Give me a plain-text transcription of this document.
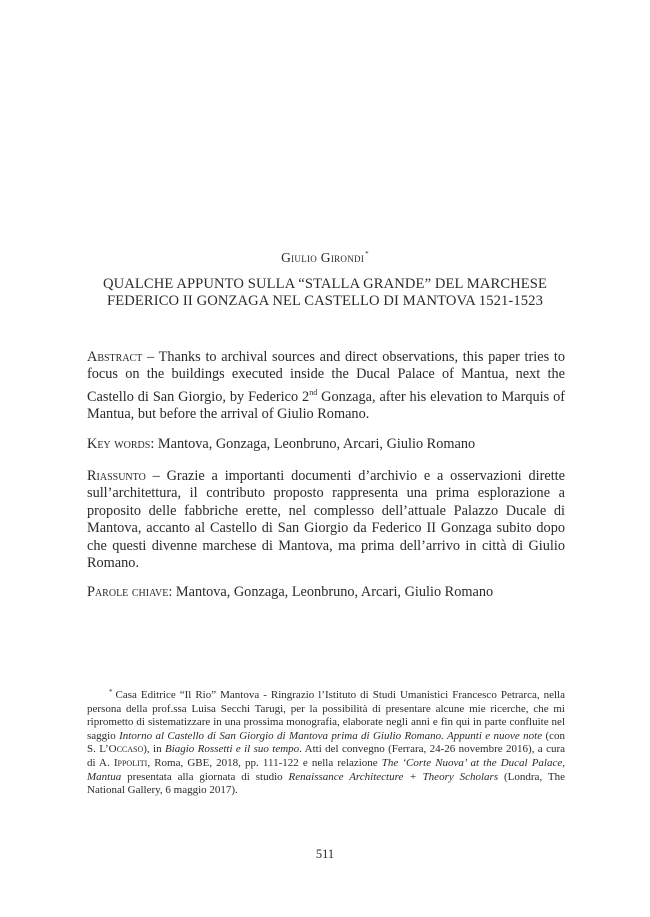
Giulio Girondi*
QUALCHE APPUNTO SULLA “STALLA GRANDE” DEL MARCHESE
FEDERICO II GONZAGA NEL CASTELLO DI MANTOVA 1521-1523

Abstract – Thanks to archival sources and direct observations, this paper tries to focus on the buildings executed inside the Ducal Palace of Mantua, next the Castello di San Giorgio, by Federico 2nd Gonzaga, after his elevation to Marquis of Mantua, but before the arrival of Giulio Romano.

Key words: Mantova, Gonzaga, Leonbruno, Arcari, Giulio Romano

Riassunto – Grazie a importanti documenti d’archivio e a osservazioni dirette sull’architettura, il contributo proposto rappresenta una prima esplorazione a proposito delle fabbriche erette, nel complesso dell’attuale Palazzo Ducale di Mantova, accanto al Castello di San Giorgio da Federico II Gonzaga subito dopo che questi divenne marchese di Mantova, ma prima dell’arrivo in città di Giulio Romano.

Parole chiave: Mantova, Gonzaga, Leonbruno, Arcari, Giulio Romano

* Casa Editrice “Il Rio” Mantova - Ringrazio l’Istituto di Studi Umanistici Francesco Petrarca, nella persona della prof.ssa Luisa Secchi Tarugi, per la possibilità di presentare alcune mie ricerche, che mi riprometto di sistematizzare in una prossima monografia, elaborate negli anni e fin qui in parte confluite nel saggio Intorno al Castello di San Giorgio di Mantova prima di Giulio Romano. Appunti e nuove note (con S. L’Occaso), in Biagio Rossetti e il suo tempo. Atti del convegno (Ferrara, 24-26 novembre 2016), a cura di A. Ippoliti, Roma, GBE, 2018, pp. 111-122 e nella relazione The ‘Corte Nuova’ at the Ducal Palace, Mantua presentata alla giornata di studio Renaissance Architecture + Theory Scholars (Londra, The National Gallery, 6 maggio 2017).

511
